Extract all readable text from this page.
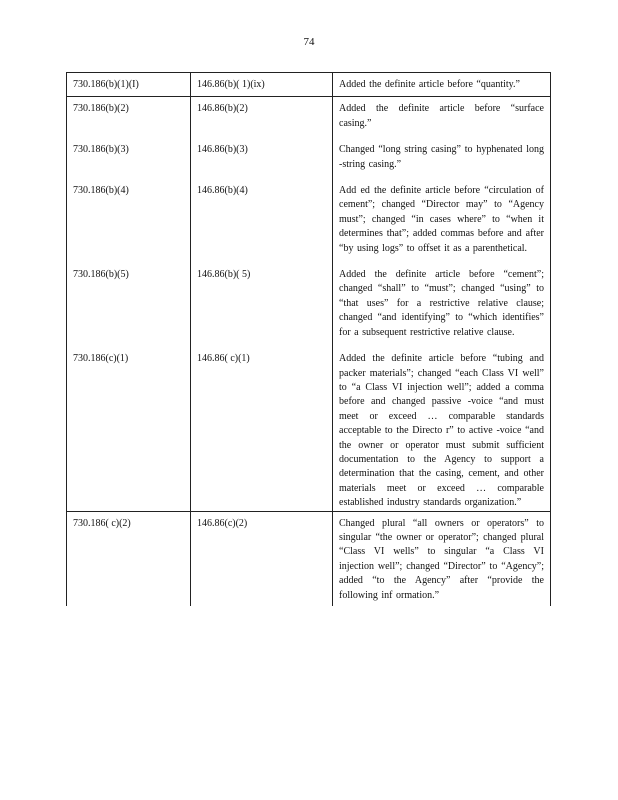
74
730.186(b)(1)(I)	146.86(b)( 1)(ix)	Added the definite article before “quantity.”
730.186(b)(2)	146.86(b)(2)	Added the definite article before “surface casing.”
730.186(b)(3)	146.86(b)(3)	Changed “long string casing” to hyphenated long -string casing.”
730.186(b)(4)	146.86(b)(4)	Add ed the definite article before “circulation of cement”; changed “Director may” to “Agency must”; changed “in cases where” to “when it determines that”; added commas before and after “by using logs” to offset it as a parenthetical.
730.186(b)(5)	146.86(b)( 5)	Added the definite article before “cement”; changed “shall” to “must”; changed “using” to “that uses” for a restrictive relative clause; changed “and identifying” to “which identifies” for a subsequent restrictive relative clause.
730.186(c)(1)	146.86( c)(1)	Added the definite article before “tubing and packer materials”; changed “each Class VI well” to “a Class VI injection well”; added a comma before and changed passive -voice “and must meet or exceed … comparable standards acceptable to the Directo r” to active -voice “and the owner or operator must submit sufficient documentation to the Agency to support a determination that the casing, cement, and other materials meet or exceed … comparable established industry standards organization.”
730.186( c)(2)	146.86(c)(2)	Changed plural “all owners or operators” to singular “the owner or operator”; changed plural “Class VI wells” to singular “a Class VI injection well”; changed “Director” to “Agency”; added “to the Agency” after “provide the following inf ormation.”
